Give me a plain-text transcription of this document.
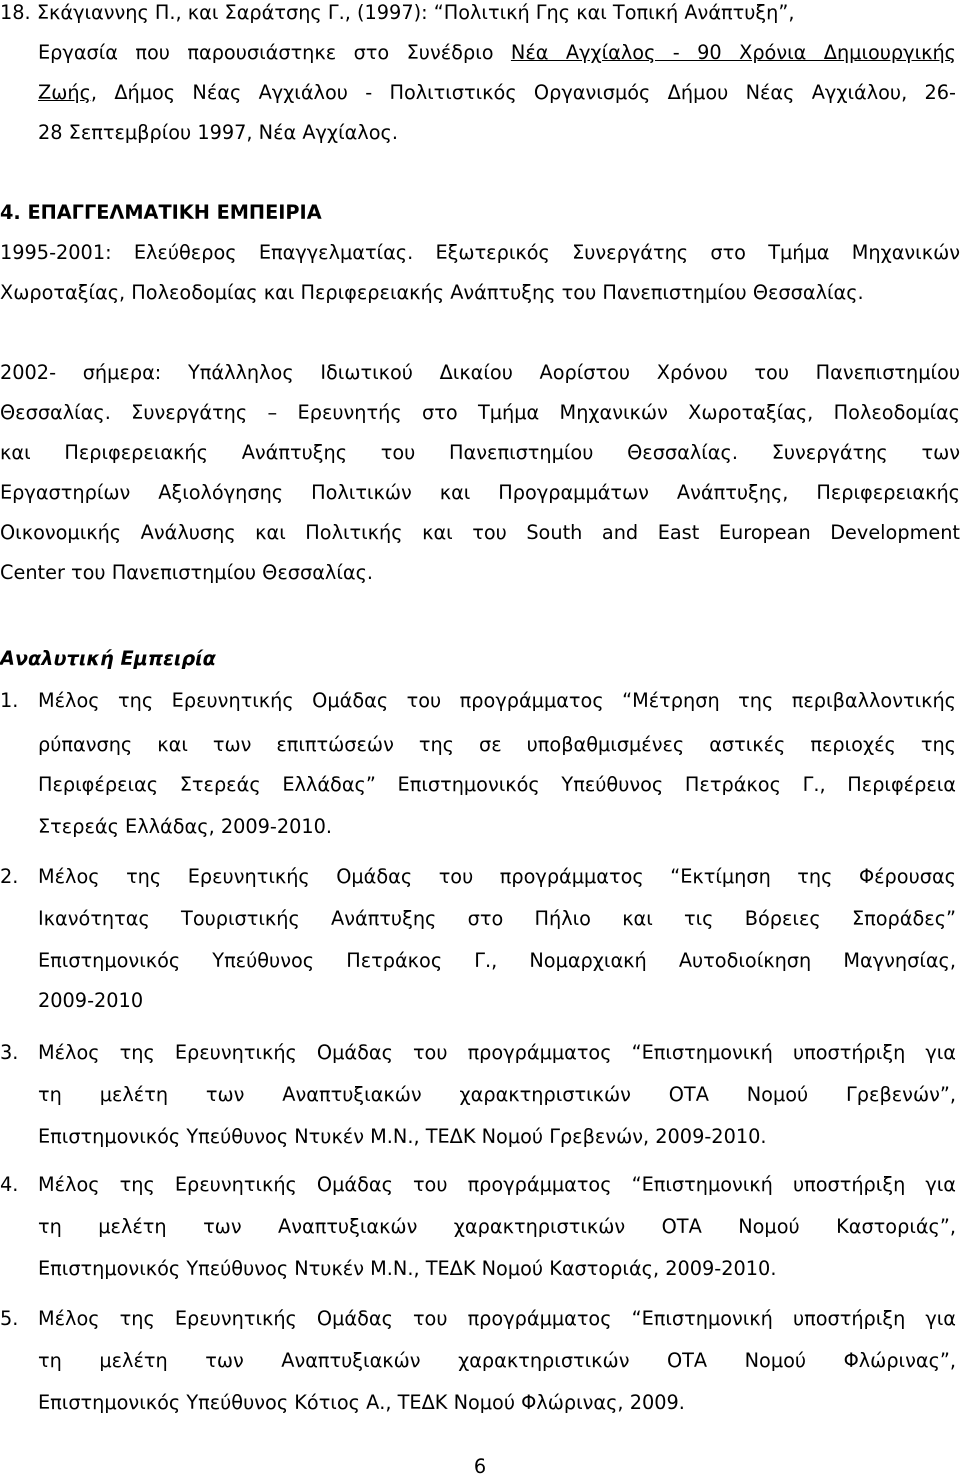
18. Σκάγιαννης Π., και Σαράτσης Γ., (1997): “Πολιτική Γης και Τοπική Ανάπτυξη”,
Εργασία που παρουσιάστηκε στο Συνέδριο Νέα Αγχίαλος - 90 Χρόνια Δημιουργικής
Ζωής, Δήμος Νέας Αγχιάλου - Πολιτιστικός Οργανισμός Δήμου Νέας Αγχιάλου, 26-
28 Σεπτεμβρίου 1997, Νέα Αγχίαλος.
4. ΕΠΑΓΓΕΛΜΑΤΙΚΗ ΕΜΠΕΙΡΙΑ
1995-2001: Ελεύθερος Επαγγελματίας. Εξωτερικός Συνεργάτης στο Τμήμα Μηχανικών
Χωροταξίας, Πολεοδομίας και Περιφερειακής Ανάπτυξης του Πανεπιστημίου Θεσσαλίας.
2002- σήμερα: Υπάλληλος Ιδιωτικού Δικαίου Αορίστου Χρόνου του Πανεπιστημίου
Θεσσαλίας. Συνεργάτης – Ερευνητής στο Τμήμα Μηχανικών Χωροταξίας, Πολεοδομίας
και Περιφερειακής Ανάπτυξης του Πανεπιστημίου Θεσσαλίας. Συνεργάτης των
Εργαστηρίων Αξιολόγησης Πολιτικών και Προγραμμάτων Ανάπτυξης, Περιφερειακής
Οικονομικής Ανάλυσης και Πολιτικής και του South and East European Development
Center του Πανεπιστημίου Θεσσαλίας.
Αναλυτική Εμπειρία
1.	Μέλος της Ερευνητικής Ομάδας του προγράμματος “Μέτρηση της περιβαλλοντικής
ρύπανσης και των επιπτώσεών της σε υποβαθμισμένες αστικές περιοχές της
Περιφέρειας Στερεάς Ελλάδας” Επιστημονικός Υπεύθυνος Πετράκος Γ., Περιφέρεια
Στερεάς Ελλάδας, 2009-2010.
2.	Μέλος της Ερευνητικής Ομάδας του προγράμματος “Εκτίμηση της Φέρουσας
Ικανότητας Τουριστικής Ανάπτυξης στο Πήλιο και τις Βόρειες Σποράδες”
Επιστημονικός Υπεύθυνος Πετράκος Γ., Νομαρχιακή Αυτοδιοίκηση Μαγνησίας,
2009-2010
3.	Μέλος της Ερευνητικής Ομάδας του προγράμματος “Επιστημονική υποστήριξη για
τη μελέτη των Αναπτυξιακών χαρακτηριστικών ΟΤΑ Νομού Γρεβενών”,
Επιστημονικός Υπεύθυνος Ντυκέν Μ.Ν., ΤΕΔΚ Νομού Γρεβενών, 2009-2010.
4.	Μέλος της Ερευνητικής Ομάδας του προγράμματος “Επιστημονική υποστήριξη για
τη μελέτη των Αναπτυξιακών χαρακτηριστικών ΟΤΑ Νομού Καστοριάς”,
Επιστημονικός Υπεύθυνος Ντυκέν Μ.Ν., ΤΕΔΚ Νομού Καστοριάς, 2009-2010.
5.	Μέλος της Ερευνητικής Ομάδας του προγράμματος “Επιστημονική υποστήριξη για
τη μελέτη των Αναπτυξιακών χαρακτηριστικών ΟΤΑ Νομού Φλώρινας”,
Επιστημονικός Υπεύθυνος Κότιος Α., ΤΕΔΚ Νομού Φλώρινας, 2009.
6
